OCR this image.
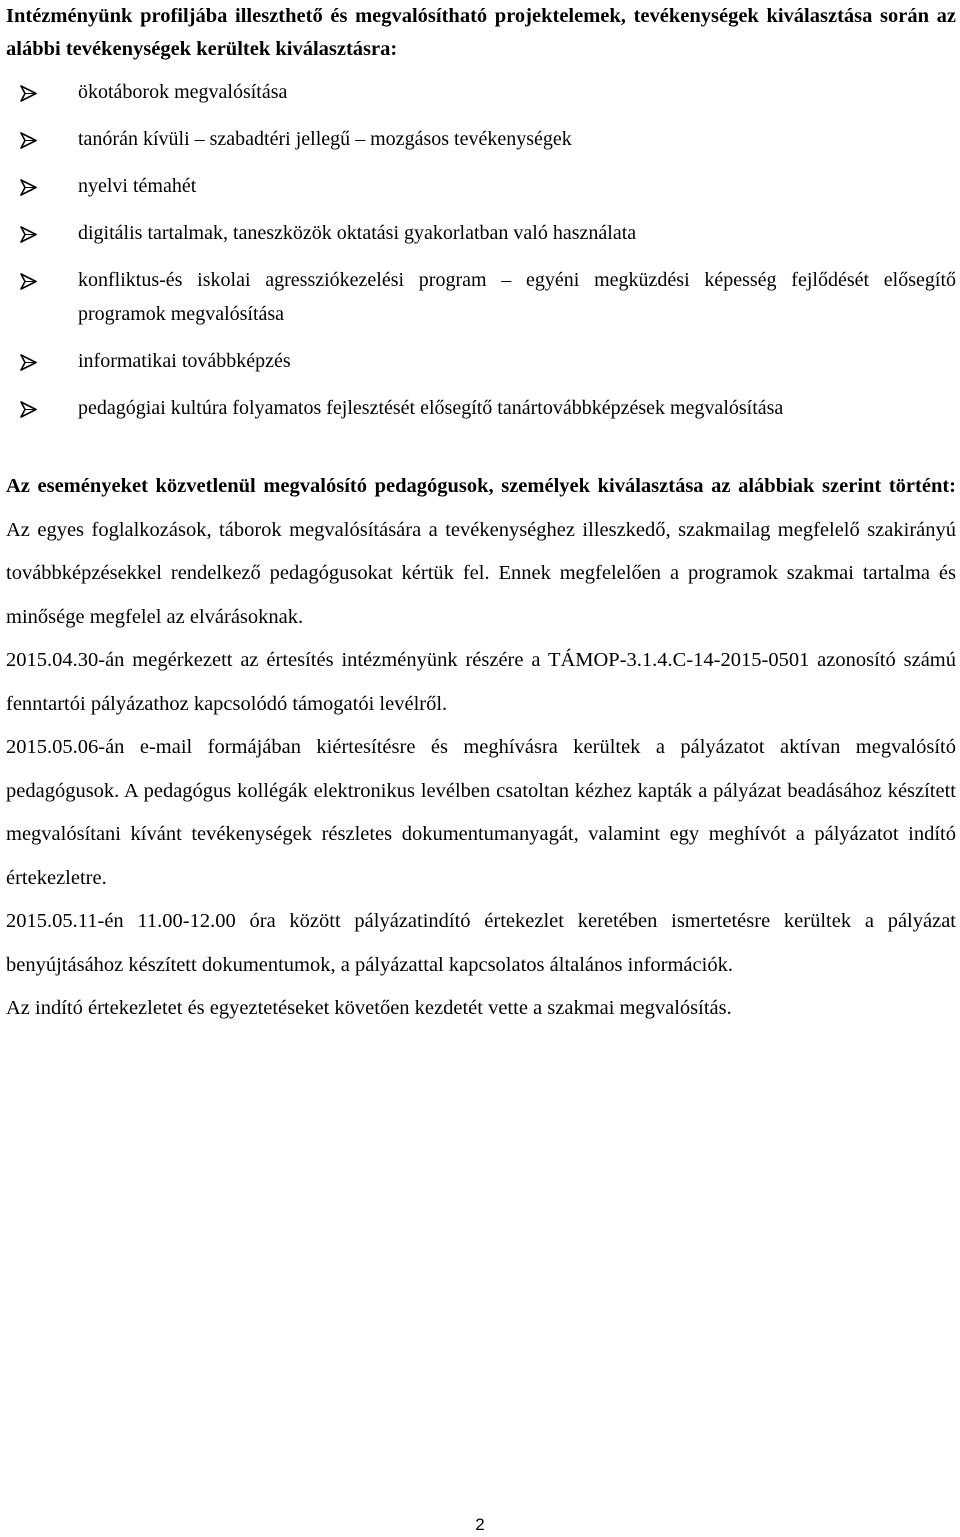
Intézményünk profiljába illeszthető és megvalósítható projektelemek, tevékenységek kiválasztása során az alábbi tevékenységek kerültek kiválasztásra:

ökotáborok megvalósítása
tanórán kívüli – szabadtéri jellegű – mozgásos tevékenységek
nyelvi témahét
digitális tartalmak, taneszközök oktatási gyakorlatban való használata
konfliktus-és iskolai agressziókezelési program – egyéni megküzdési képesség fejlődését elősegítő programok megvalósítása
informatikai továbbképzés
pedagógiai kultúra folyamatos fejlesztését elősegítő tanártovábbképzések megvalósítása

Az eseményeket közvetlenül megvalósító pedagógusok, személyek kiválasztása az alábbiak szerint történt: Az egyes foglalkozások, táborok megvalósítására a tevékenységhez illeszkedő, szakmailag megfelelő szakirányú továbbképzésekkel rendelkező pedagógusokat kértük fel. Ennek megfelelően a programok szakmai tartalma és minősége megfelel az elvárásoknak.

2015.04.30-án megérkezett az értesítés intézményünk részére a TÁMOP-3.1.4.C-14-2015-0501 azonosító számú fenntartói pályázathoz kapcsolódó támogatói levélről.

2015.05.06-án e-mail formájában kiértesítésre és meghívásra kerültek a pályázatot aktívan megvalósító pedagógusok. A pedagógus kollégák elektronikus levélben csatoltan kézhez kapták a pályázat beadásához készített megvalósítani kívánt tevékenységek részletes dokumentumanyagát, valamint egy meghívót a pályázatot indító értekezletre.

2015.05.11-én 11.00-12.00 óra között pályázatindító értekezlet keretében ismertetésre kerültek a pályázat benyújtásához készített dokumentumok, a pályázattal kapcsolatos általános információk.

Az indító értekezletet és egyeztetéseket követően kezdetét vette a szakmai megvalósítás.

2
